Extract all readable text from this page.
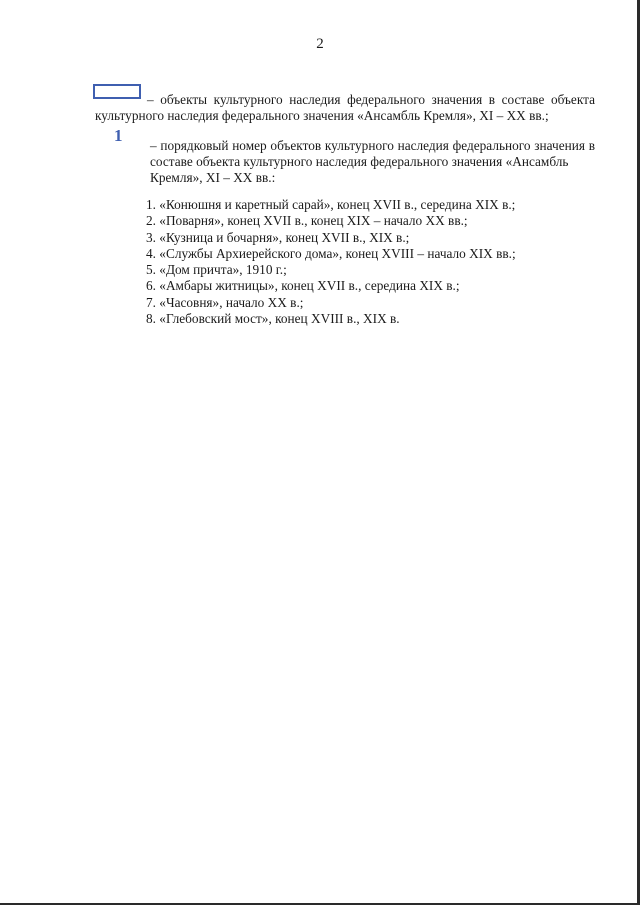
2
– объекты культурного наследия федерального значения в составе объекта культурного наследия федерального значения «Ансамбль Кремля», XI – XX вв.;
1
– порядковый номер объектов культурного наследия федерального значения в составе объекта культурного наследия федерального значения «Ансамбль
Кремля», XI – XX вв.:
1. «Конюшня и каретный сарай», конец XVII в., середина XIX в.;
2. «Поварня», конец XVII в., конец XIX – начало XX вв.;
3. «Кузница и бочарня», конец XVII в., XIX в.;
4. «Службы Архиерейского дома», конец XVIII – начало XIX вв.;
5. «Дом причта», 1910 г.;
6. «Амбары житницы», конец XVII в., середина XIX в.;
7. «Часовня», начало XX в.;
8. «Глебовский мост», конец XVIII в., XIX в.
